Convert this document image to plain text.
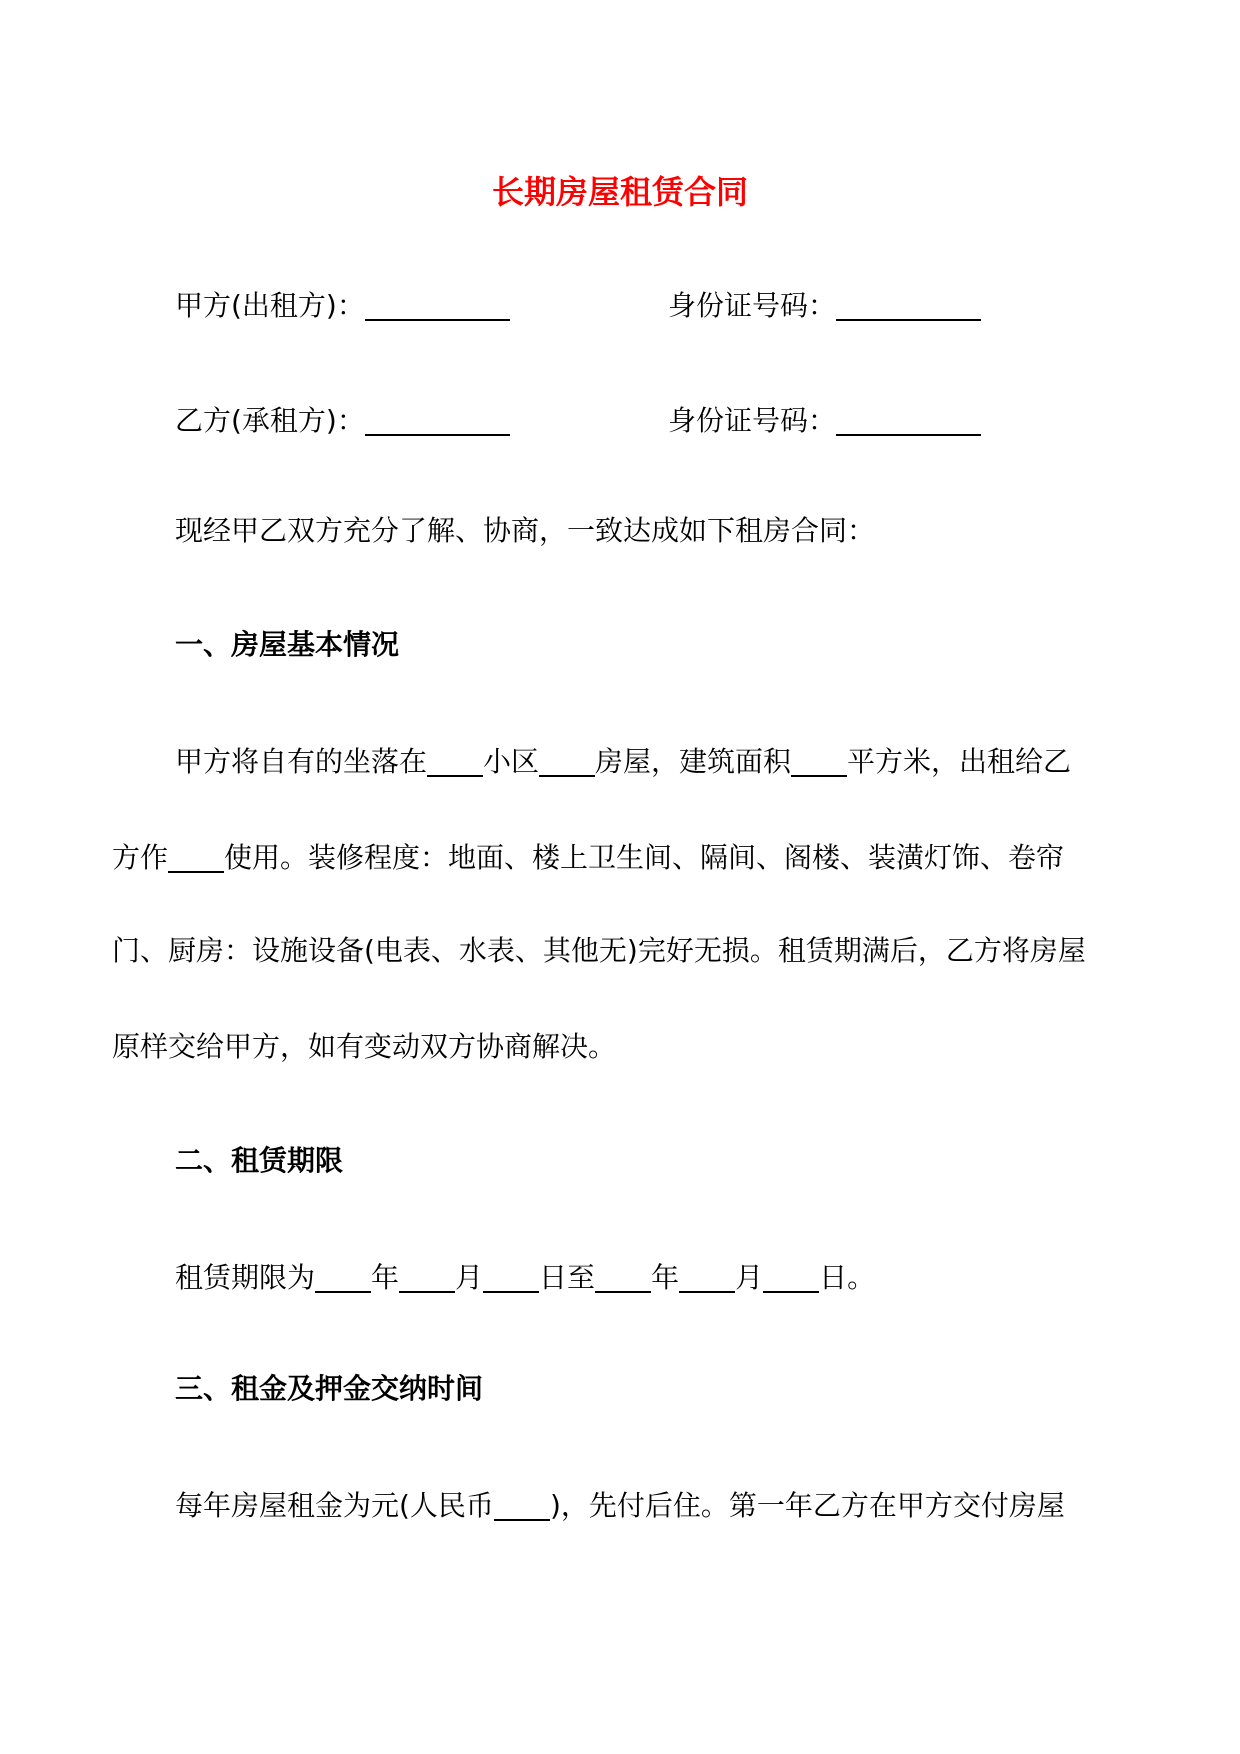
长期房屋租赁合同
甲方(出租方)：	身份证号码：
乙方(承租方)：	身份证号码：
现经甲乙双方充分了解、协商，一致达成如下租房合同：
一、房屋基本情况
甲方将自有的坐落在 小区 房屋，建筑面积 平方米，出租给乙
方作 使用。装修程度：地面、楼上卫生间、隔间、阁楼、装潢灯饰、卷帘
门、厨房：设施设备(电表、水表、其他无)完好无损。租赁期满后，乙方将房屋
原样交给甲方，如有变动双方协商解决。
二、租赁期限
租赁期限为 年 月 日至 年 月 日。
三、租金及押金交纳时间
每年房屋租金为元(人民币 )，先付后住。第一年乙方在甲方交付房屋
